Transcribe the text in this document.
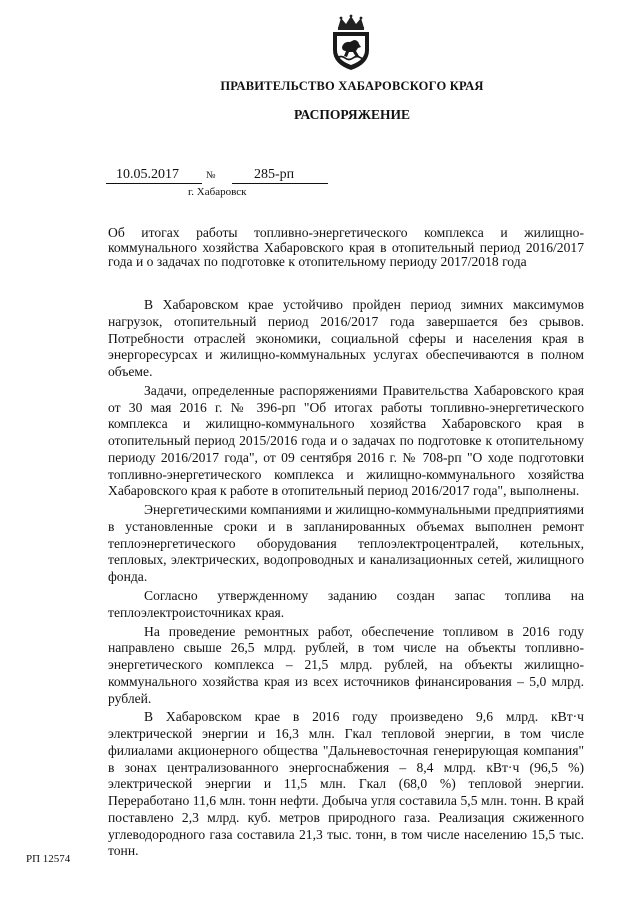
ПРАВИТЕЛЬСТВО ХАБАРОВСКОГО КРАЯ
РАСПОРЯЖЕНИЕ
10.05.2017	№	285-рп
г. Хабаровск
Об итогах работы топливно-энергетического комплекса и жилищно-коммунального хозяйства Хабаровского края в отопительный период 2016/2017 года и о задачах по подготовке к отопительному периоду 2017/2018 года

В Хабаровском крае устойчиво пройден период зимних максимумов нагрузок, отопительный период 2016/2017 года завершается без срывов. Потребности отраслей экономики, социальной сферы и населения края в энергоресурсах и жилищно-коммунальных услугах обеспечиваются в полном объеме.

Задачи, определенные распоряжениями Правительства Хабаровского края от 30 мая 2016 г. № 396-рп "Об итогах работы топливно-энергетического комплекса и жилищно-коммунального хозяйства Хабаровского края в отопительный период 2015/2016 года и о задачах по подготовке к отопительному периоду 2016/2017 года", от 09 сентября 2016 г. № 708-рп "О ходе подготовки топливно-энергетического комплекса и жилищно-коммунального хозяйства Хабаровского края к работе в отопительный период 2016/2017 года", выполнены.

Энергетическими компаниями и жилищно-коммунальными предприятиями в установленные сроки и в запланированных объемах выполнен ремонт теплоэнергетического оборудования теплоэлектроцентралей, котельных, тепловых, электрических, водопроводных и канализационных сетей, жилищного фонда.

Согласно утвержденному заданию создан запас топлива на теплоэлектроисточниках края.

На проведение ремонтных работ, обеспечение топливом в 2016 году направлено свыше 26,5 млрд. рублей, в том числе на объекты топливно-энергетического комплекса – 21,5 млрд. рублей, на объекты жилищно-коммунального хозяйства края из всех источников финансирования – 5,0 млрд. рублей.

В Хабаровском крае в 2016 году произведено 9,6 млрд. кВт·ч электрической энергии и 16,3 млн. Гкал тепловой энергии, в том числе филиалами акционерного общества "Дальневосточная генерирующая компания" в зонах централизованного энергоснабжения – 8,4 млрд. кВт·ч (96,5 %) электрической энергии и 11,5 млн. Гкал (68,0 %) тепловой энергии. Переработано 11,6 млн. тонн нефти. Добыча угля составила 5,5 млн. тонн. В край поставлено 2,3 млрд. куб. метров природного газа. Реализация сжиженного углеводородного газа составила 21,3 тыс. тонн, в том числе населению 15,5 тыс. тонн.

РП 12574
